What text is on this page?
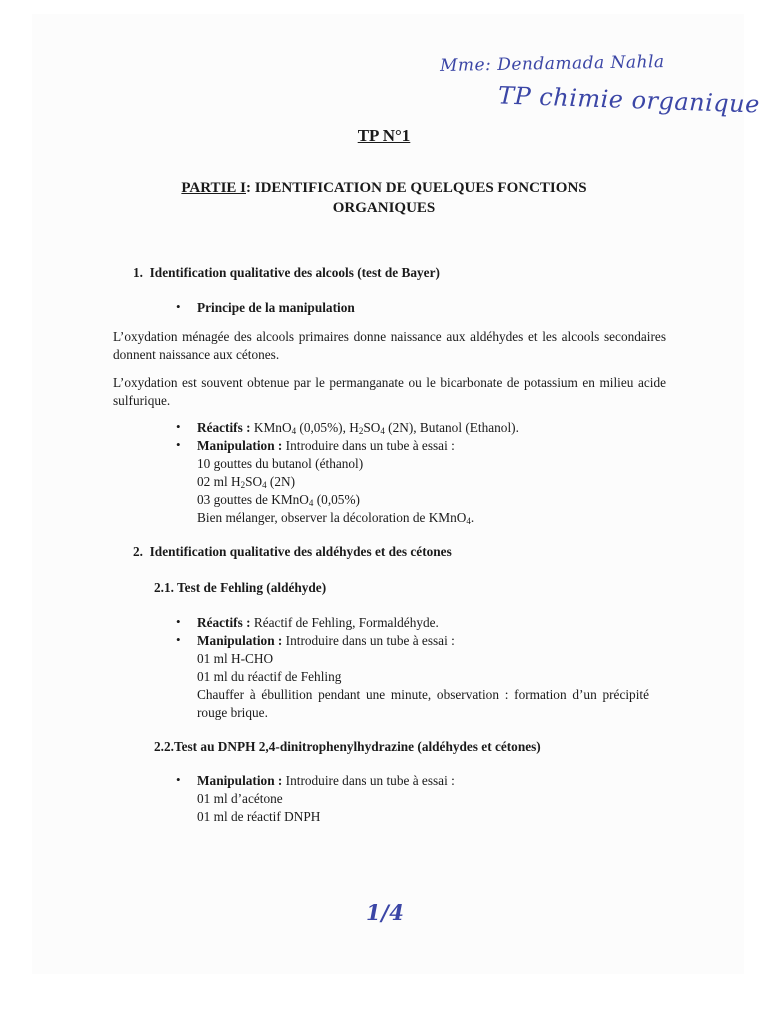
Mme: Dendamada Nahla
TP chimie organique
TP N°1
PARTIE I: IDENTIFICATION DE QUELQUES FONCTIONS
ORGANIQUES
1.  Identification qualitative des alcools (test de Bayer)
• Principe de la manipulation
L’oxydation ménagée des alcools primaires donne naissance aux aldéhydes et les alcools secondaires donnent naissance aux cétones.
L’oxydation est souvent obtenue par le permanganate ou le bicarbonate de potassium en milieu acide sulfurique.
• Réactifs : KMnO$_4$ (0,05%), $H_2SO_4$ (2N), Butanol (Ethanol).
• Manipulation : Introduire dans un tube à essai :
10 gouttes du butanol (éthanol)
02 ml $H_2SO_4$ (2N)
03 gouttes de KMnO$_4$ (0,05%)
Bien mélanger, observer la décoloration de KMnO$_4$.
2.  Identification qualitative des aldéhydes et des cétones
2.1. Test de Fehling (aldéhyde)
• Réactifs : Réactif de Fehling, Formaldéhyde.
• Manipulation : Introduire dans un tube à essai :
01 ml H-CHO
01 ml du réactif de Fehling
Chauffer à ébullition pendant une minute, observation : formation d’un précipité rouge brique.
2.2.Test au DNPH 2,4-dinitrophenylhydrazine (aldéhydes et cétones)
• Manipulation : Introduire dans un tube à essai :
01 ml d’acétone
01 ml de réactif DNPH
1/4
